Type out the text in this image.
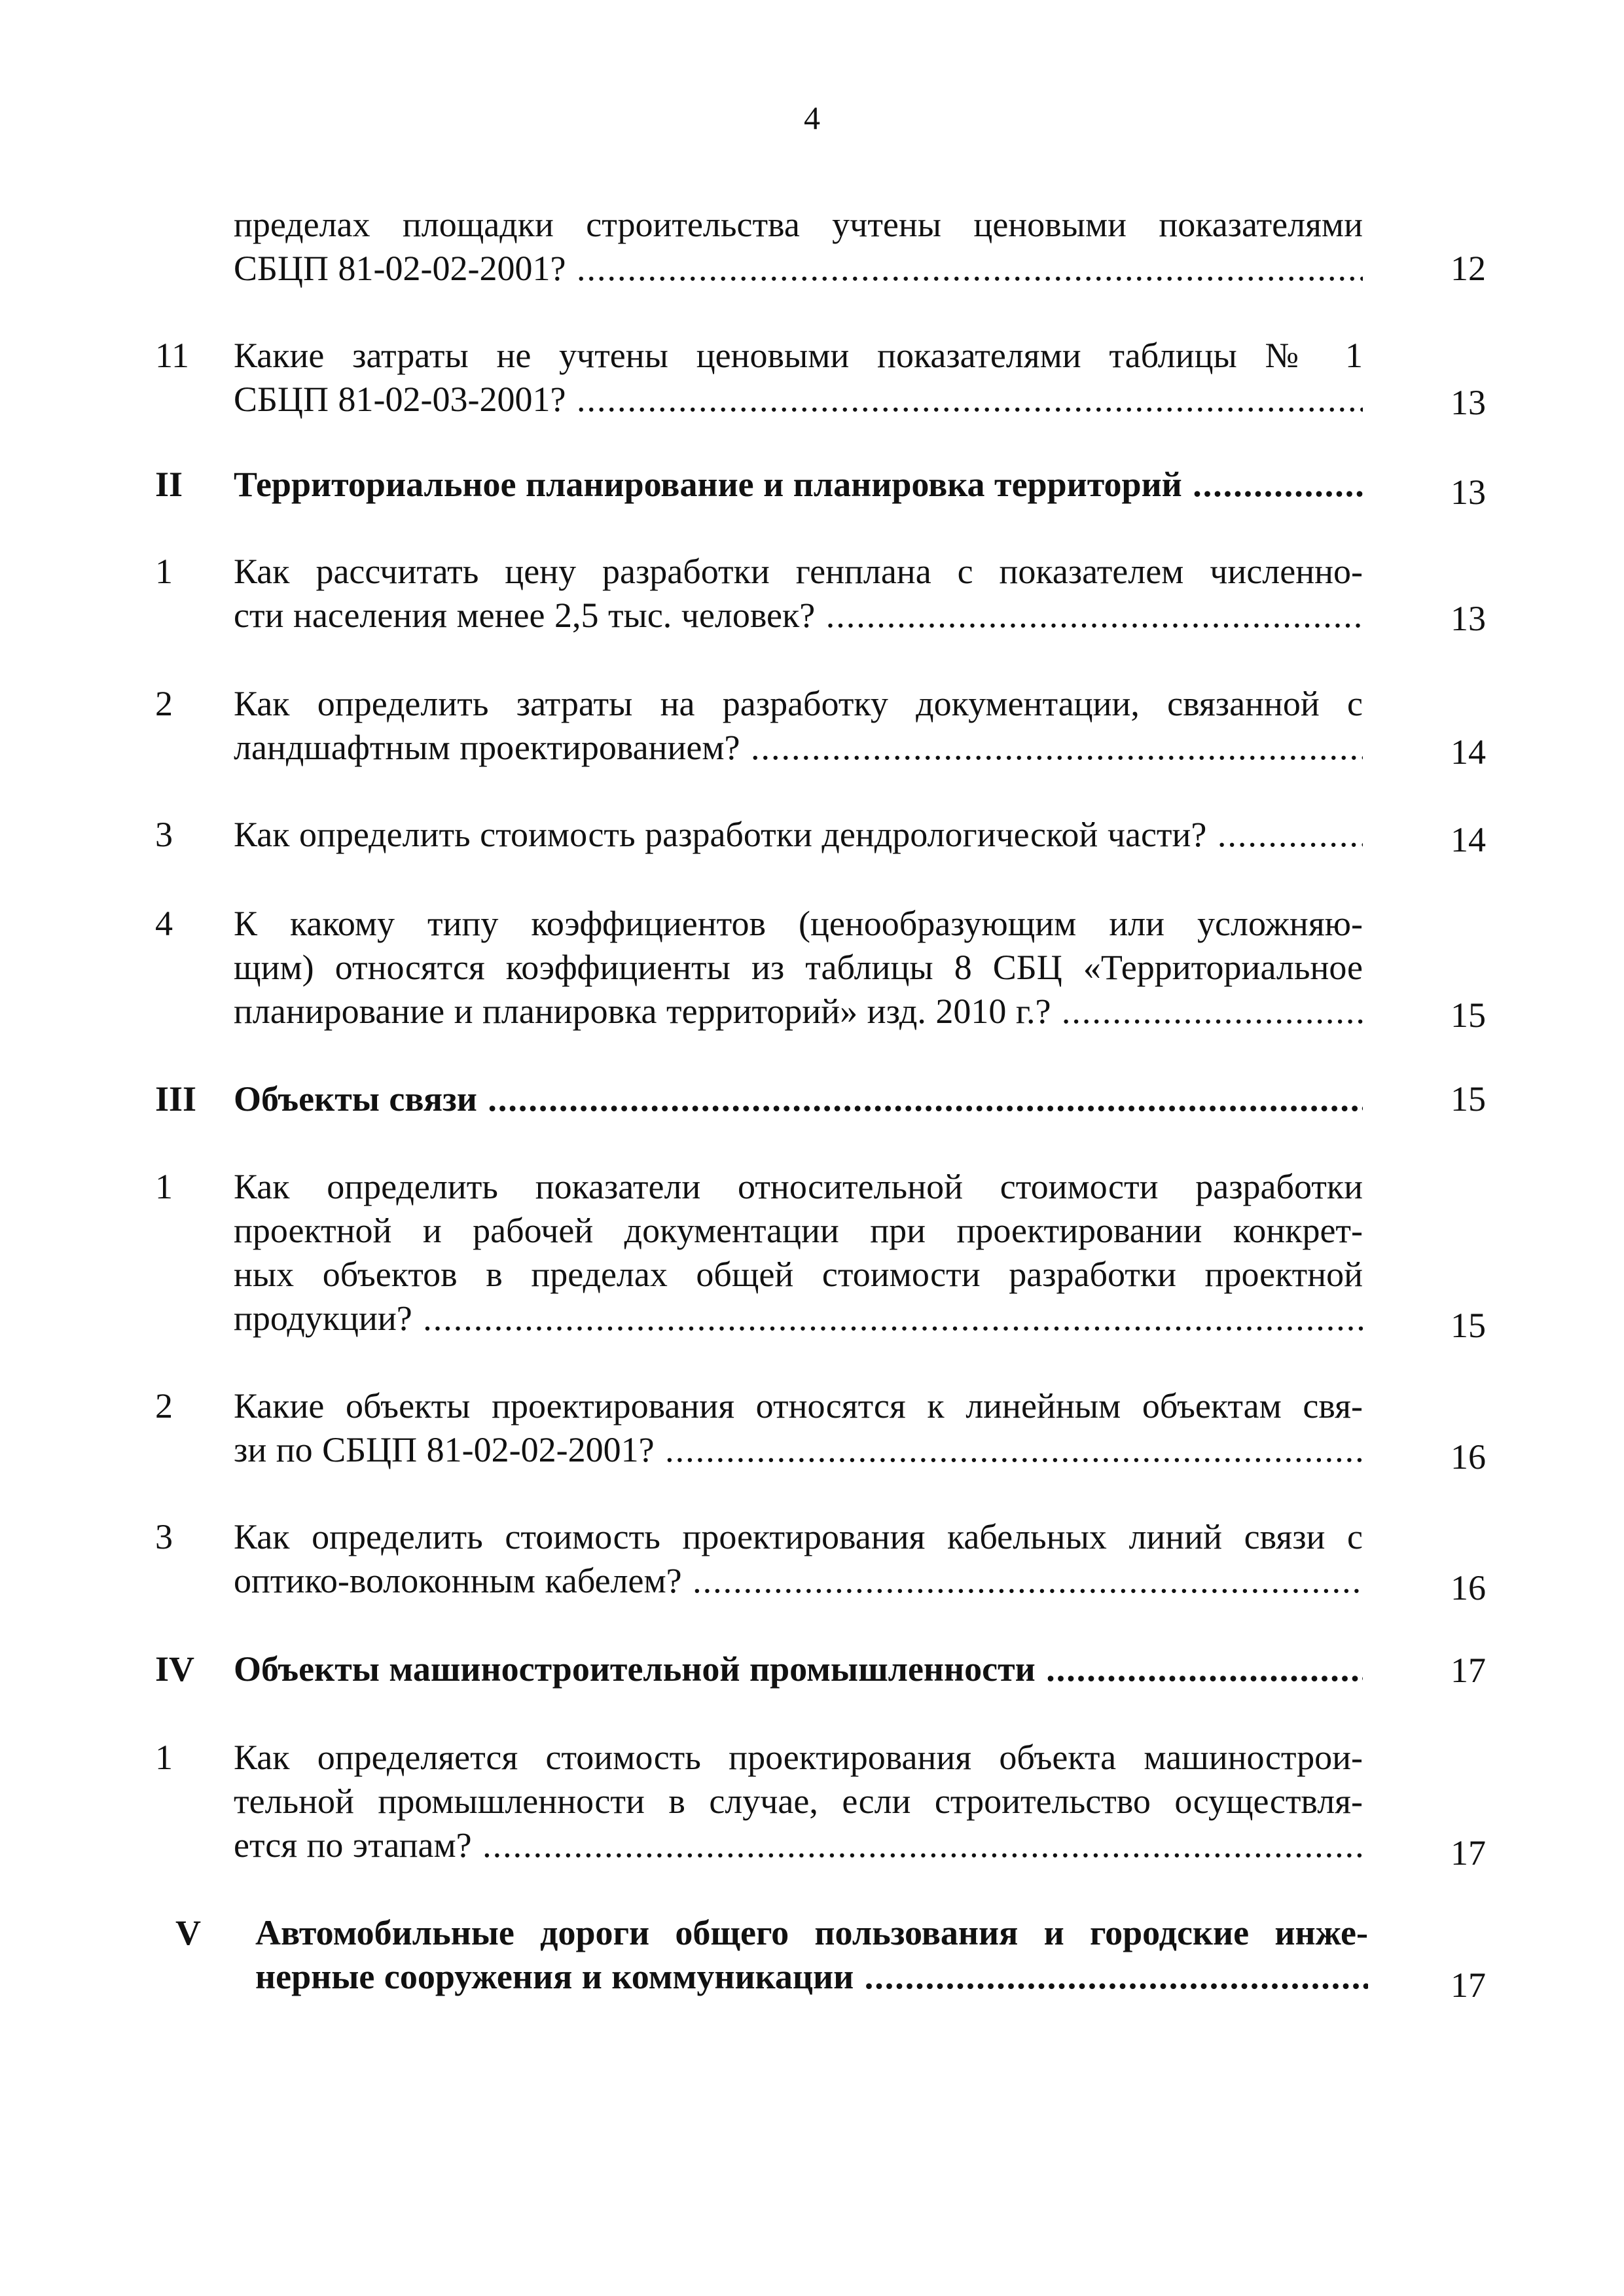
4
пределах площадки строительства учтены ценовыми показателями
СБЦП 81-02-02-2001? .....	12
11	Какие затраты не учтены ценовыми показателями таблицы № 1
СБЦП 81-02-03-2001? .....	13
II	Территориальное планирование и планировка территорий .....	13
1	Как рассчитать цену разработки генплана с показателем численно-
сти населения менее 2,5 тыс. человек? .....	13
2	Как определить затраты на разработку документации, связанной с
ландшафтным проектированием? .....	14
3	Как определить стоимость разработки дендрологической части? .....	14
4	К какому типу коэффициентов (ценообразующим или усложняю-
щим) относятся коэффициенты из таблицы 8 СБЦ «Территориальное
планирование и планировка территорий» изд. 2010 г.? .....	15
III	Объекты связи .....	15
1	Как определить показатели относительной стоимости разработки
проектной и рабочей документации при проектировании конкрет-
ных объектов в пределах общей стоимости разработки проектной
продукции? .....	15
2	Какие объекты проектирования относятся к линейным объектам свя-
зи по СБЦП 81-02-02-2001? .....	16
3	Как определить стоимость проектирования кабельных линий связи с
оптико-волоконным кабелем? .....	16
IV	Объекты машиностроительной промышленности .....	17
1	Как определяется стоимость проектирования объекта машинострои-
тельной промышленности в случае, если строительство осуществля-
ется по этапам? .....	17
V	Автомобильные дороги общего пользования и городские инже-
нерные сооружения и коммуникации .....	17
